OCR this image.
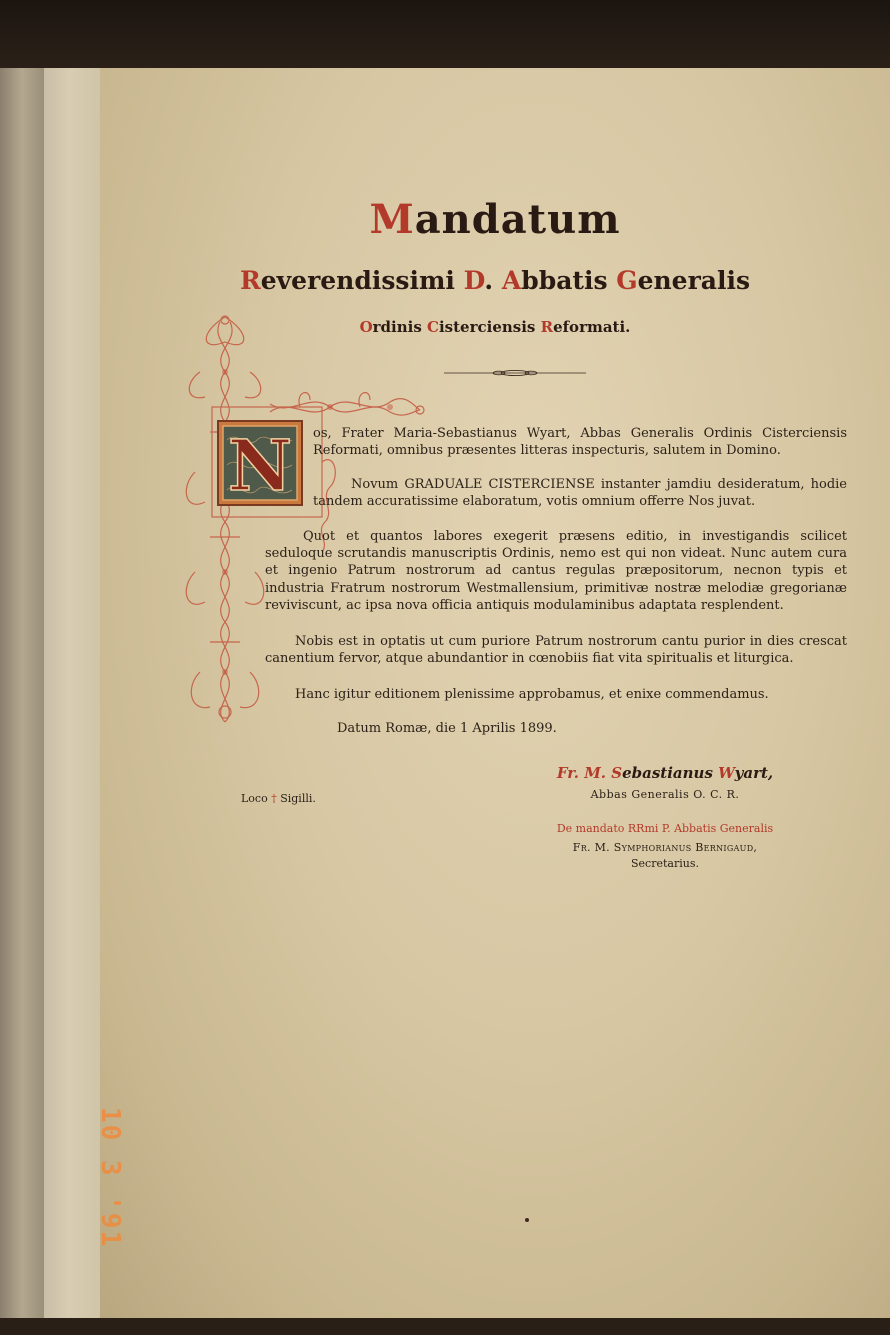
Mandatum
Reverendissimi D. Abbatis Generalis
Ordinis Cisterciensis Reformati.
N os, Frater Maria-Sebastianus Wyart, Abbas Generalis Ordinis Cisterciensis Reformati, omnibus præsentes litteras inspecturis, salutem in Domino.
Novum GRADUALE CISTERCIENSE instanter jamdiu desideratum, hodie tandem accuratissime elaboratum, votis omnium offerre Nos juvat.
Quot et quantos labores exegerit præsens editio, in investigandis scilicet seduloque scrutandis manuscriptis Ordinis, nemo est qui non videat. Nunc autem cura et ingenio Patrum nostrorum ad cantus regulas præpositorum, necnon typis et industria Fratrum nostrorum Westmallensium, primitivæ nostræ melodiæ gregorianæ reviviscunt, ac ipsa nova officia antiquis modulaminibus adaptata resplendent.
Nobis est in optatis ut cum puriore Patrum nostrorum cantu purior in dies crescat canentium fervor, atque abundantior in cœnobiis fiat vita spiritualis et liturgica.
Hanc igitur editionem plenissime approbamus, et enixe commendamus.
Datum Romæ, die 1 Aprilis 1899.
Fr. M. Sebastianus Wyart,
Abbas Generalis O. C. R.
Loco † Sigilli.
De mandato RRmi P. Abbatis Generalis
Fr. M. Symphorianus Bernigaud,
Secretarius.
10 3 '91
